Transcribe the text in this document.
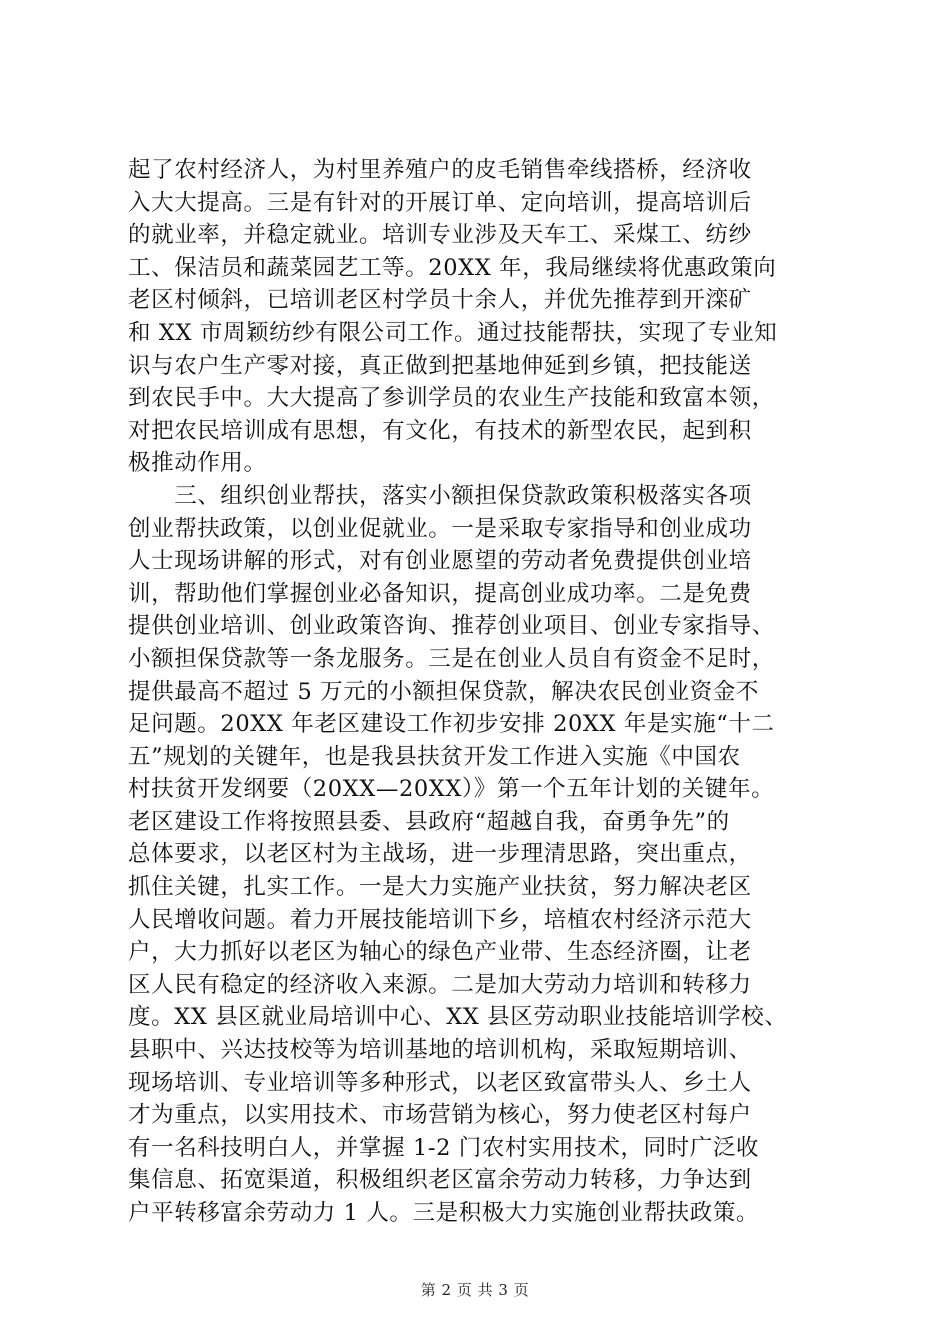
起了农村经济人，为村里养殖户的皮毛销售牵线搭桥，经济收
入大大提高。三是有针对的开展订单、定向培训，提高培训后
的就业率，并稳定就业。培训专业涉及天车工、采煤工、纺纱
工、保洁员和蔬菜园艺工等。20XX 年，我局继续将优惠政策向
老区村倾斜，已培训老区村学员十余人，并优先推荐到开滦矿
和 XX 市周颖纺纱有限公司工作。通过技能帮扶，实现了专业知
识与农户生产零对接，真正做到把基地伸延到乡镇，把技能送
到农民手中。大大提高了参训学员的农业生产技能和致富本领，
对把农民培训成有思想，有文化，有技术的新型农民，起到积
极推动作用。
　　三、组织创业帮扶，落实小额担保贷款政策积极落实各项
创业帮扶政策，以创业促就业。一是采取专家指导和创业成功
人士现场讲解的形式，对有创业愿望的劳动者免费提供创业培
训，帮助他们掌握创业必备知识，提高创业成功率。二是免费
提供创业培训、创业政策咨询、推荐创业项目、创业专家指导、
小额担保贷款等一条龙服务。三是在创业人员自有资金不足时，
提供最高不超过 5 万元的小额担保贷款，解决农民创业资金不
足问题。20XX 年老区建设工作初步安排 20XX 年是实施“十二
五”规划的关键年，也是我县扶贫开发工作进入实施《中国农
村扶贫开发纲要（20XX—20XX）》第一个五年计划的关键年。
老区建设工作将按照县委、县政府“超越自我，奋勇争先”的
总体要求，以老区村为主战场，进一步理清思路，突出重点，
抓住关键，扎实工作。一是大力实施产业扶贫，努力解决老区
人民增收问题。着力开展技能培训下乡，培植农村经济示范大
户，大力抓好以老区为轴心的绿色产业带、生态经济圈，让老
区人民有稳定的经济收入来源。二是加大劳动力培训和转移力
度。XX 县区就业局培训中心、XX 县区劳动职业技能培训学校、
县职中、兴达技校等为培训基地的培训机构，采取短期培训、
现场培训、专业培训等多种形式，以老区致富带头人、乡土人
才为重点，以实用技术、市场营销为核心，努力使老区村每户
有一名科技明白人，并掌握 1-2 门农村实用技术，同时广泛收
集信息、拓宽渠道，积极组织老区富余劳动力转移，力争达到
户平转移富余劳动力 1 人。三是积极大力实施创业帮扶政策。
第 2 页 共 3 页
